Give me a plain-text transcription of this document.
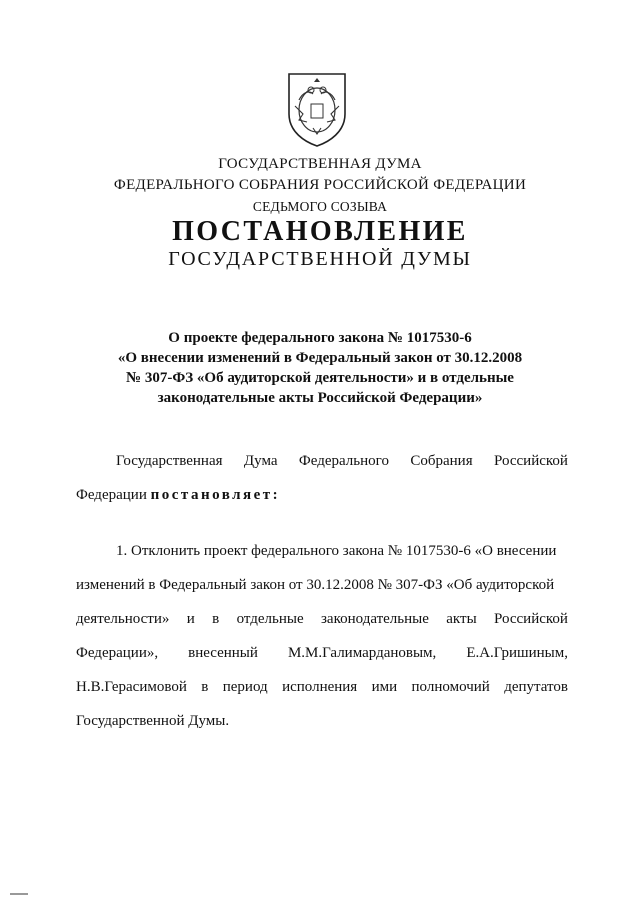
ГОСУДАРСТВЕННАЯ ДУМА
ФЕДЕРАЛЬНОГО СОБРАНИЯ РОССИЙСКОЙ ФЕДЕРАЦИИ
СЕДЬМОГО СОЗЫВА
ПОСТАНОВЛЕНИЕ
ГОСУДАРСТВЕННОЙ ДУМЫ
О проекте федерального закона № 1017530-6
«О внесении изменений в Федеральный закон от 30.12.2008
№ 307-ФЗ «Об аудиторской деятельности» и в отдельные
законодательные акты Российской Федерации»
Государственная Дума Федерального Собрания Российской
Федерации постановляет:
1. Отклонить проект федерального закона № 1017530-6 «О внесении
изменений в Федеральный закон от 30.12.2008 № 307-ФЗ «Об аудиторской
деятельности» и в отдельные законодательные акты Российской
Федерации», внесенный М.М.Галимардановым, Е.А.Гришиным,
Н.В.Герасимовой в период исполнения ими полномочий депутатов
Государственной Думы.
